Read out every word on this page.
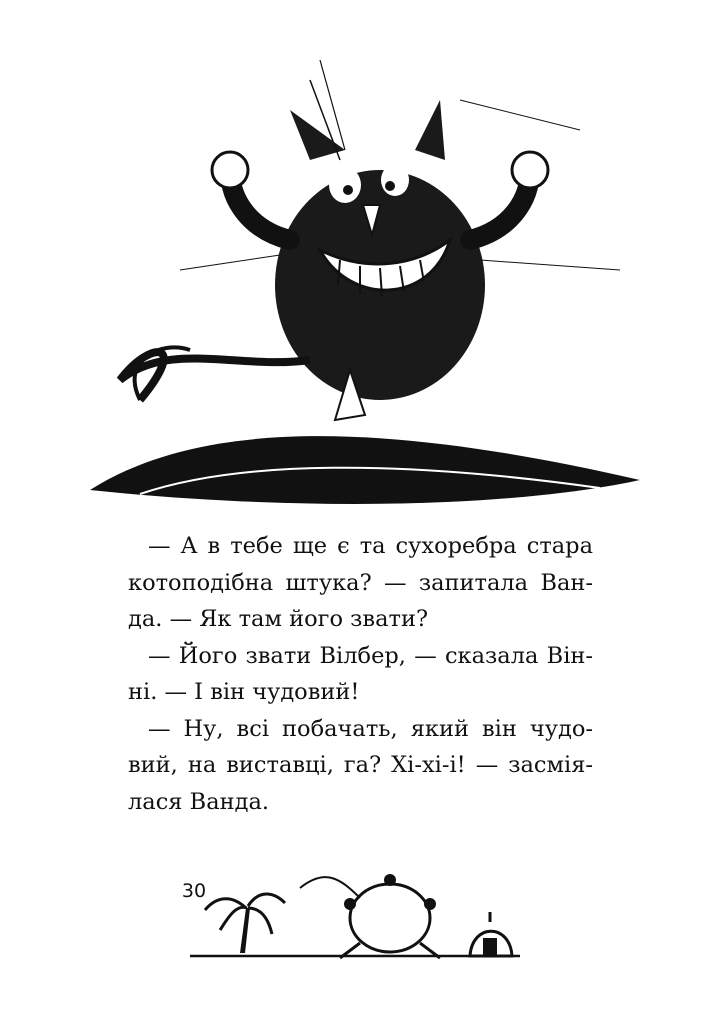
— А в тебе ще є та сухоребра стара
котоподібна штука? — запитала Ван-
да. — Як там його звати?
— Його звати Вілбер, — сказала Він-
ні. — І він чудовий!
— Ну, всі побачать, який він чудо-
вий, на виставці, га? Хі-хі-і! — засмія-
лася Ванда.
30
